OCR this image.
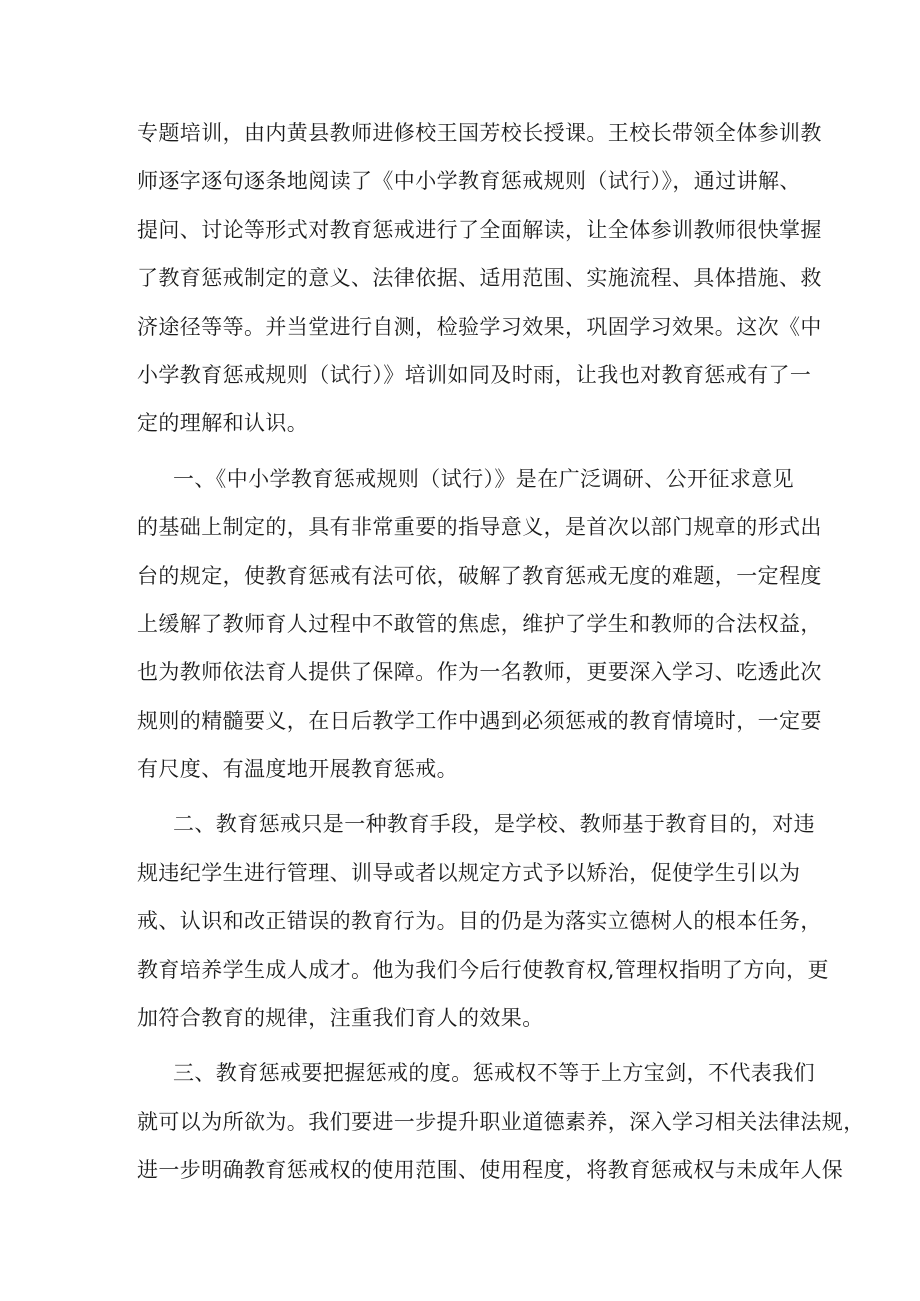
专题培训，由内黄县教师进修校王国芳校长授课。王校长带领全体参训教
师逐字逐句逐条地阅读了《中小学教育惩戒规则（试行）》，通过讲解、
提问、讨论等形式对教育惩戒进行了全面解读，让全体参训教师很快掌握
了教育惩戒制定的意义、法律依据、适用范围、实施流程、具体措施、救
济途径等等。并当堂进行自测，检验学习效果，巩固学习效果。这次《中
小学教育惩戒规则（试行）》培训如同及时雨，让我也对教育惩戒有了一
定的理解和认识。
一、《中小学教育惩戒规则（试行）》是在广泛调研、公开征求意见
的基础上制定的，具有非常重要的指导意义，是首次以部门规章的形式出
台的规定，使教育惩戒有法可依，破解了教育惩戒无度的难题，一定程度
上缓解了教师育人过程中不敢管的焦虑，维护了学生和教师的合法权益，
也为教师依法育人提供了保障。作为一名教师，更要深入学习、吃透此次
规则的精髓要义，在日后教学工作中遇到必须惩戒的教育情境时，一定要
有尺度、有温度地开展教育惩戒。
二、教育惩戒只是一种教育手段，是学校、教师基于教育目的，对违
规违纪学生进行管理、训导或者以规定方式予以矫治，促使学生引以为
戒、认识和改正错误的教育行为。目的仍是为落实立德树人的根本任务，
教育培养学生成人成才。他为我们今后行使教育权,管理权指明了方向，更
加符合教育的规律，注重我们育人的效果。
三、教育惩戒要把握惩戒的度。惩戒权不等于上方宝剑，不代表我们
就可以为所欲为。我们要进一步提升职业道德素养，深入学习相关法律法规，
进一步明确教育惩戒权的使用范围、使用程度，将教育惩戒权与未成年人保
